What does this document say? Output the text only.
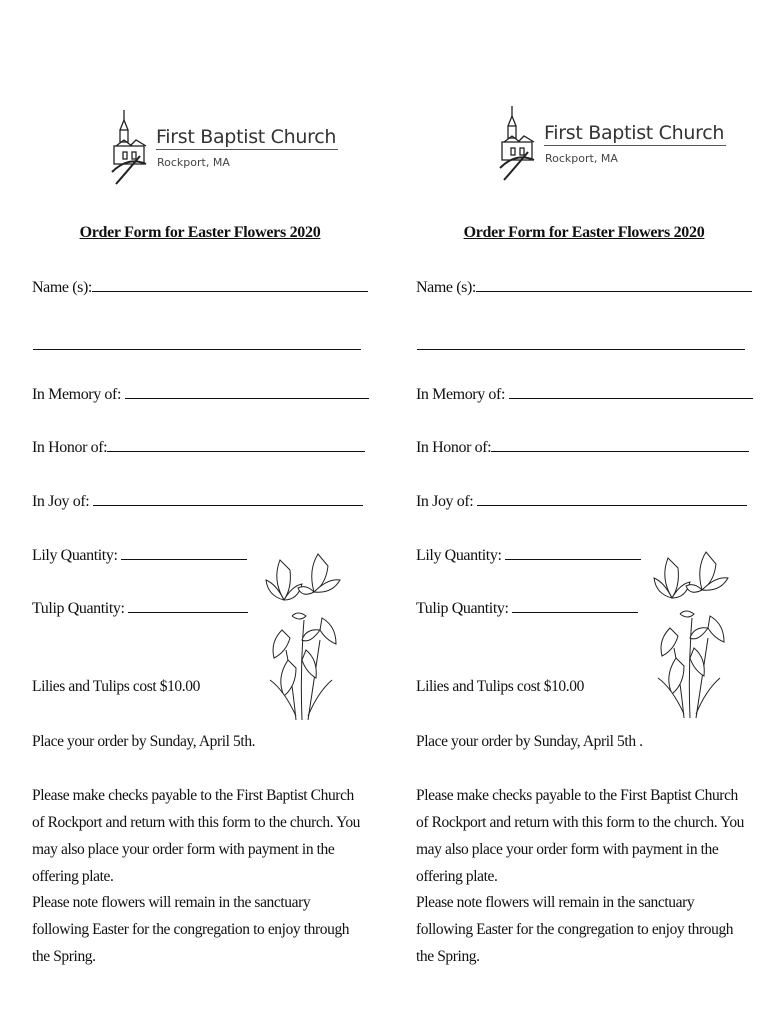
First Baptist Church
Rockport, MA
Order Form for Easter Flowers 2020
Name (s):
In Memory of:
In Honor of:
In Joy of:
Lily Quantity:
Tulip Quantity:
Lilies and Tulips cost $10.00
Place your order by Sunday, April 5th.
Please make checks payable to the First Baptist Church of Rockport and return with this form to the church. You may also place your order form with payment in the offering plate.
Please note flowers will remain in the sanctuary following Easter for the congregation to enjoy through the Spring.
First Baptist Church
Rockport, MA
Order Form for Easter Flowers 2020
Name (s):
In Memory of:
In Honor of:
In Joy of:
Lily Quantity:
Tulip Quantity:
Lilies and Tulips cost $10.00
Place your order by Sunday, April 5th .
Please make checks payable to the First Baptist Church of Rockport and return with this form to the church. You may also place your order form with payment in the offering plate.
Please note flowers will remain in the sanctuary following Easter for the congregation to enjoy through the Spring.
